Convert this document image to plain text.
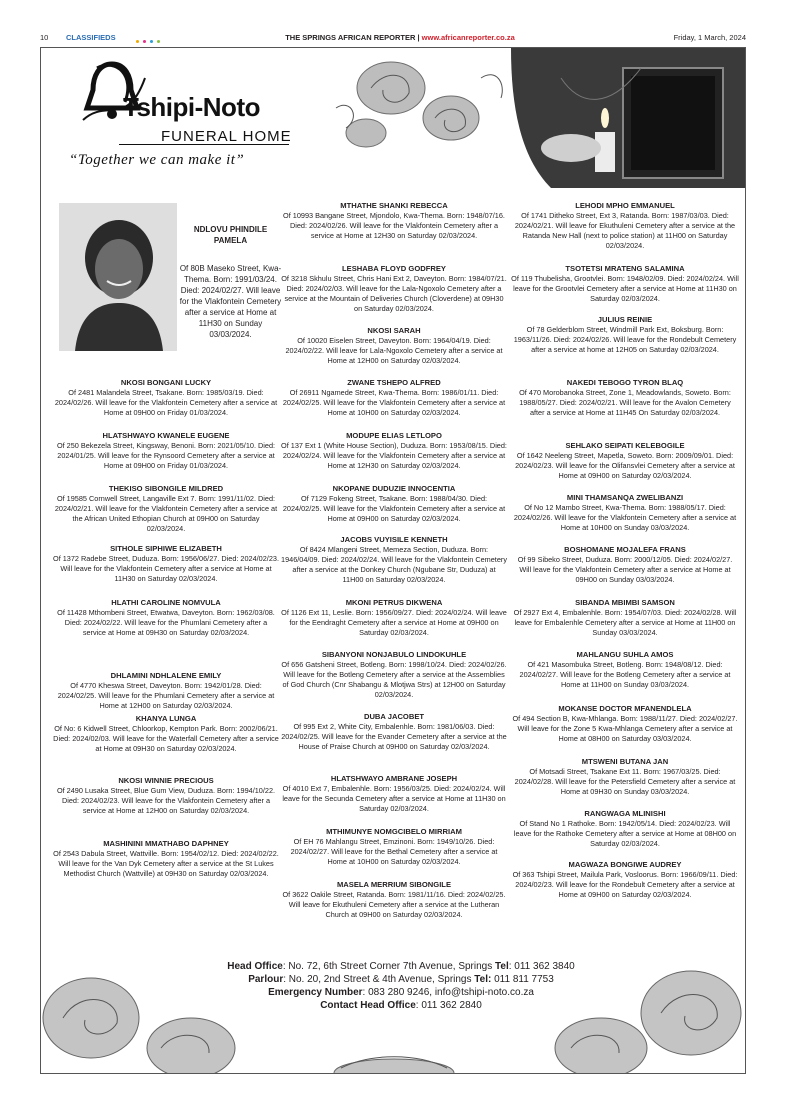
10 CLASSIFIEDS	THE SPRINGS AFRICAN REPORTER | www.africanreporter.co.za	Friday, 1 March, 2024
Tshipi-Noto
FUNERAL HOME
“Together we can make it”
NDLOVU PHINDILE PAMELA
Of 80B Maseko Street, Kwa-Thema. Born: 1991/03/24. Died: 2024/02/27. Will leave for the Vlakfontein Cemetery after a service at Home at 11H30 on Sunday 03/03/2024.
MTHATHE SHANKI REBECCA
Of 10993 Bangane Street, Mjondolo, Kwa-Thema. Born: 1948/07/16. Died: 2024/02/26. Will leave for the Vlakfontein Cemetery after a service at Home at 12H30 on Saturday 02/03/2024.
LESHABA FLOYD GODFREY
Of 3218 Skhulu Street, Chris Hani Ext 2, Daveyton. Born: 1984/07/21. Died: 2024/02/03. Will leave for the Lala-Ngoxolo Cemetery after a service at the Mountain of Deliveries Church (Cloverdene) at 09H30 on Saturday 02/03/2024.
NKOSI SARAH
Of 10020 Eiselen Street, Daveyton. Born: 1964/04/19. Died: 2024/02/22. Will leave for Lala-Ngoxolo Cemetery after a service at Home at 12H00 on Saturday 02/03/2024.
LEHODI MPHO EMMANUEL
Of 1741 Ditheko Street, Ext 3, Ratanda. Born: 1987/03/03. Died: 2024/02/21. Will leave for Ekuthuleni Cemetery after a service at the Ratanda New Hall (next to police station) at 11H00 on Saturday 02/03/2024.
TSOTETSI MRATENG SALAMINA
Of 119 Thubelisha, Grootvlei. Born: 1948/02/09. Died: 2024/02/24. Will leave for the Grootvlei Cemetery after a service at Home at 11H30 on Saturday 02/03/2024.
JULIUS REINIE
Of 78 Gelderblom Street, Windmill Park Ext, Boksburg. Born: 1963/11/26. Died: 2024/02/26. Will leave for the Rondebult Cemetery after a service at home at 12H05 on Saturday 02/03/2024.
NKOSI BONGANI LUCKY
Of 2481 Malandela Street, Tsakane. Born: 1985/03/19. Died: 2024/02/26. Will leave for the Vlakfontein Cemetery after a service at Home at 09H00 on Friday 01/03/2024.
HLATSHWAYO KWANELE EUGENE
Of 250 Bekezela Street, Kingsway, Benoni. Born: 2021/05/10. Died: 2024/01/25. Will leave for the Rynsoord Cemetery after a service at Home at 09H00 on Friday 01/03/2024.
THEKISO SIBONGILE MILDRED
Of 19585 Cornwell Street, Langaville Ext 7. Born: 1991/11/02. Died: 2024/02/21. Will leave for the Vlakfontein Cemetery after a service at the African United Ethopian Church at 09H00 on Saturday 02/03/2024.
SITHOLE SIPHIWE ELIZABETH
Of 1372 Radebe Street, Duduza. Born: 1956/06/27. Died: 2024/02/23. Will leave for the Vlakfontein Cemetery after a service at Home at 11H30 on Saturday 02/03/2024.
HLATHI CAROLINE NOMVULA
Of 11428 Mthombeni Street, Etwatwa, Daveyton. Born: 1962/03/08. Died: 2024/02/22. Will leave for the Phumlani Cemetery after a service at Home at 09H30 on Saturday 02/03/2024.
DHLAMINI NDHLALENE EMILY
Of 4770 Kheswa Street, Daveyton. Born: 1942/01/28. Died: 2024/02/25. Will leave for the Phumlani Cemetery after a service at Home at 12H00 on Saturday 02/03/2024.
KHANYA LUNGA
Of No: 6 Kidwell Street, Chloorkop, Kempton Park. Born: 2002/06/21. Died: 2024/02/03. Will leave for the Waterfall Cemetery after a service at Home at 09H30 on Saturday 02/03/2024.
NKOSI WINNIE PRECIOUS
Of 2490 Lusaka Street, Blue Gum View, Duduza. Born: 1994/10/22. Died: 2024/02/23. Will leave for the Vlakfontein Cemetery after a service at Home at 12H00 on Saturday 02/03/2024.
MASHININI MMATHABO DAPHNEY
Of 2543 Dabula Street, Wattville. Born: 1954/02/12. Died: 2024/02/22. Will leave for the Van Dyk Cemetery after a service at the St Lukes Methodist Church (Wattville) at 09H30 on Saturday 02/03/2024.
ZWANE TSHEPO ALFRED
Of 26911 Ngamede Street, Kwa-Thema. Born: 1986/01/11. Died: 2024/02/25. Will leave for the Vlakfontein Cemetery after a service at Home at 10H00 on Saturday 02/03/2024.
MODUPE ELIAS LETLOPO
Of 137 Ext 1 (White House Section), Duduza. Born: 1953/08/15. Died: 2024/02/24. Will leave for the Vlakfontein Cemetery after a service at Home at 12H30 on Saturday 02/03/2024.
NKOPANE DUDUZIE INNOCENTIA
Of 7129 Fokeng Street, Tsakane. Born: 1988/04/30. Died: 2024/02/25. Will leave for the Vlakfontein Cemetery after a service at Home at 09H00 on Saturday 02/03/2024.
JACOBS VUYISILE KENNETH
Of 8424 Mlangeni Street, Memeza Section, Duduza. Born: 1946/04/09. Died: 2024/02/24. Will leave for the Vlakfontein Cemetery after a service at the Donkey Church (Ngubane Str, Duduza) at 11H00 on Saturday 02/03/2024.
MKONI PETRUS DIKWENA
Of 1126 Ext 11, Leslie. Born: 1956/09/27. Died: 2024/02/24. Will leave for the Eendraght Cemetery after a service at Home at 09H00 on Saturday 02/03/2024.
SIBANYONI NONJABULO LINDOKUHLE
Of 656 Gatsheni Street, Botleng. Born: 1998/10/24. Died: 2024/02/26. Will leave for the Botleng Cemetery after a service at the Assemblies of God Church (Cnr Shabangu & Mlotjwa Strs) at 12H00 on Saturday 02/03/2024.
DUBA JACOBET
Of 995 Ext 2, White City, Embalenhle. Born: 1981/06/03. Died: 2024/02/25. Will leave for the Evander Cemetery after a service at the House of Praise Church at 09H00 on Saturday 02/03/2024.
HLATSHWAYO AMBRANE JOSEPH
Of 4010 Ext 7, Embalenhle. Born: 1956/03/25. Died: 2024/02/24. Will leave for the Secunda Cemetery after a service at Home at 11H30 on Saturday 02/03/2024.
MTHIMUNYE NOMGCIBELO MIRRIAM
Of EH 76 Mahlangu Street, Emzinoni. Born: 1949/10/26. Died: 2024/02/27. Will leave for the Bethal Cemetery after a service at Home at 10H00 on Saturday 02/03/2024.
MASELA MERRIUM SIBONGILE
Of 3622 Oakile Street, Ratanda. Born: 1981/11/16. Died: 2024/02/25. Will leave for Ekuthuleni Cemetery after a service at the Lutheran Church at 09H00 on Saturday 02/03/2024.
NAKEDI TEBOGO TYRON BLAQ
Of 470 Morobanoka Street, Zone 1, Meadowlands, Soweto. Born: 1988/05/27. Died: 2024/02/21. Will leave for the Avalon Cemetery after a service at Home at 11H45 On Saturday 02/03/2024.
SEHLAKO SEIPATI KELEBOGILE
Of 1642 Neeleng Street, Mapetla, Soweto. Born: 2009/09/01. Died: 2024/02/23. Will leave for the Olifansvlei Cemetery after a service at Home at 09H00 on Saturday 02/03/2024.
MINI THAMSANQA ZWELIBANZI
Of No 12 Mambo Street, Kwa-Thema. Born: 1988/05/17. Died: 2024/02/26. Will leave for the Vlakfontein Cemetery after a service at Home at 10H00 on Sunday 03/03/2024.
BOSHOMANE MOJALEFA FRANS
Of 99 Sibeko Street, Duduza. Born: 2000/12/05. Died: 2024/02/27. Will leave for the Vlakfontein Cemetery after a service at Home at 09H00 on Sunday 03/03/2024.
SIBANDA MBIMBI SAMSON
Of 2927 Ext 4, Embalenhle. Born: 1954/07/03. Died: 2024/02/28. Will leave for Embalenhle Cemetery after a service at Home at 11H00 on Sunday 03/03/2024.
MAHLANGU SUHLA AMOS
Of 421 Masombuka Street, Botleng. Born: 1948/08/12. Died: 2024/02/27. Will leave for the Botleng Cemetery after a service at Home at 11H00 on Sunday 03/03/2024.
MOKANSE DOCTOR MFANENDLELA
Of 494 Section B, Kwa-Mhlanga. Born: 1988/11/27. Died: 2024/02/27. Will leave for the Zone 5 Kwa-Mhlanga Cemetery after a service at Home at 08H00 on Saturday 03/03/2024.
MTSWENI BUTANA JAN
Of Motsadi Street, Tsakane Ext 11. Born: 1967/03/25. Died: 2024/02/28. Will leave for the Petersfield Cemetery after a service at Home at 09H30 on Sunday 03/03/2024.
RANGWAGA MLINISHI
Of Stand No 1 Rathoke. Born: 1942/05/14. Died: 2024/02/23. Will leave for the Rathoke Cemetery after a service at Home at 08H00 on Saturday 02/03/2024.
MAGWAZA BONGIWE AUDREY
Of 363 Tshipi Street, Mailula Park, Vosloorus. Born: 1966/09/11. Died: 2024/02/23. Will leave for the Rondebult Cemetery after a service at Home at 09H00 on Saturday 02/03/2024.
Head Office: No. 72, 6th Street Corner 7th Avenue, Springs Tel: 011 362 3840
Parlour: No. 20, 2nd Street & 4th Avenue, Springs Tel: 011 811 7753
Emergency Number: 083 280 9246, info@tshipi-noto.co.za
Contact Head Office: 011 362 2840
